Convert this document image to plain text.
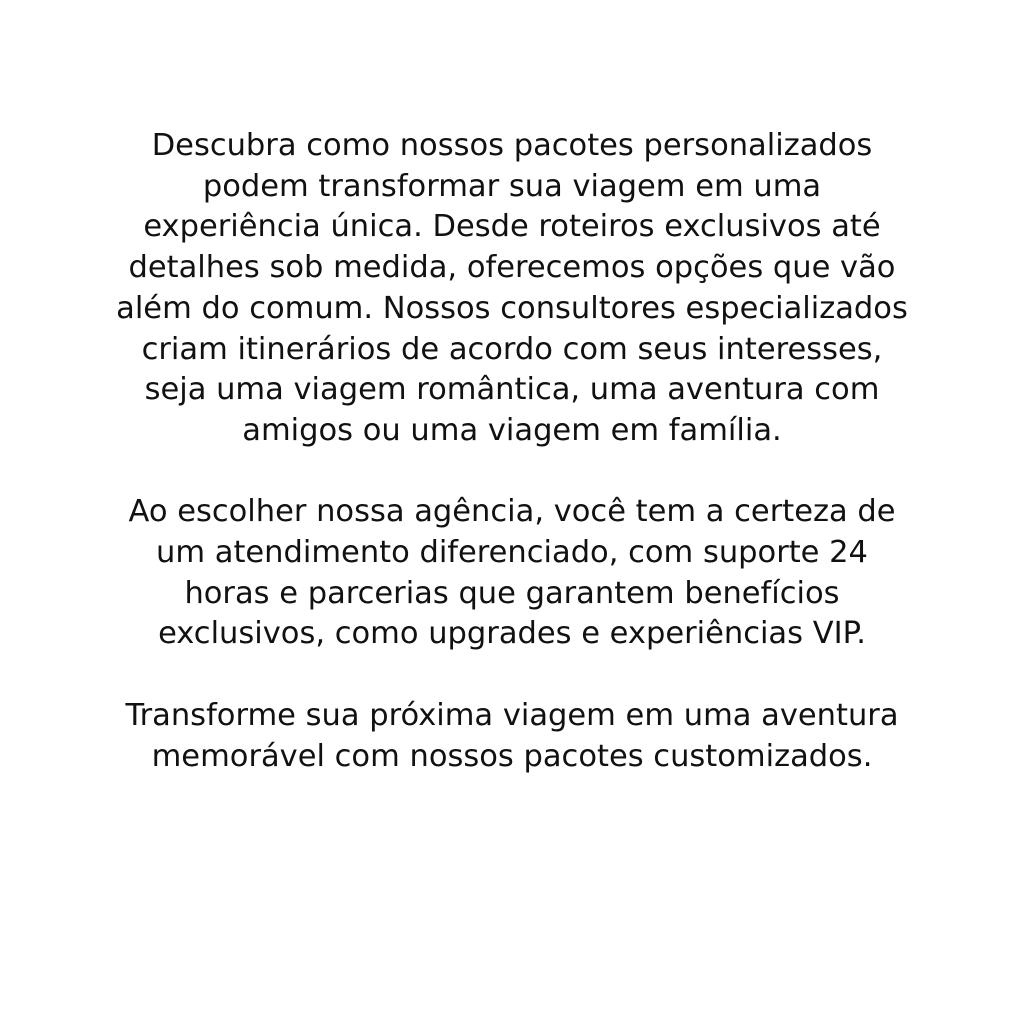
Descubra como nossos pacotes personalizados podem transformar sua viagem em uma experiência única. Desde roteiros exclusivos até detalhes sob medida, oferecemos opções que vão além do comum. Nossos consultores especializados criam itinerários de acordo com seus interesses, seja uma viagem romântica, uma aventura com amigos ou uma viagem em família.

Ao escolher nossa agência, você tem a certeza de um atendimento diferenciado, com suporte 24 horas e parcerias que garantem benefícios exclusivos, como upgrades e experiências VIP.

Transforme sua próxima viagem em uma aventura memorável com nossos pacotes customizados.
